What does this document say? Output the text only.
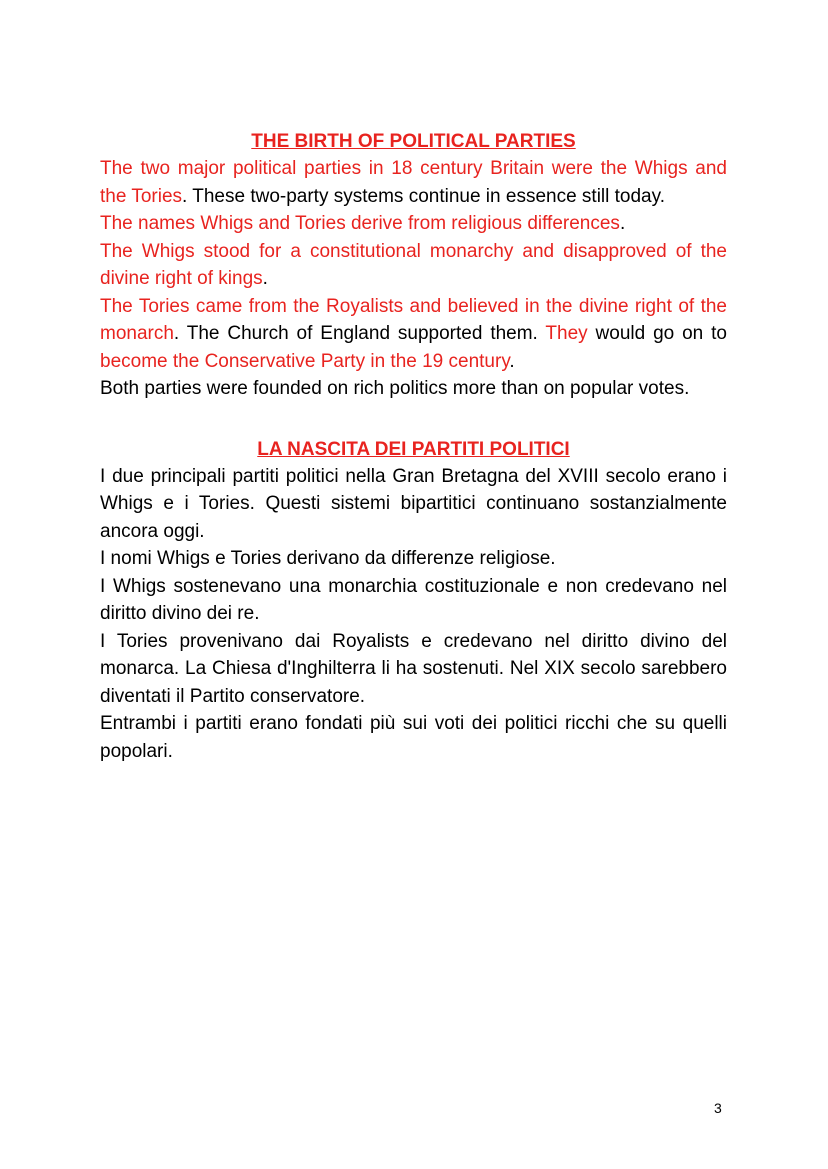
THE BIRTH OF POLITICAL PARTIES

The two major political parties in 18 century Britain were the Whigs and the Tories. These two-party systems continue in essence still today.

The names Whigs and Tories derive from religious differences.

The Whigs stood for a constitutional monarchy and disapproved of the divine right of kings.

The Tories came from the Royalists and believed in the divine right of the monarch. The Church of England supported them. They would go on to become the Conservative Party in the 19 century.

Both parties were founded on rich politics more than on popular votes.

LA NASCITA DEI PARTITI POLITICI

I due principali partiti politici nella Gran Bretagna del XVIII secolo erano i Whigs e i Tories. Questi sistemi bipartitici continuano sostanzialmente ancora oggi.

I nomi Whigs e Tories derivano da differenze religiose.

I Whigs sostenevano una monarchia costituzionale e non credevano nel diritto divino dei re.

I Tories provenivano dai Royalists e credevano nel diritto divino del monarca. La Chiesa d'Inghilterra li ha sostenuti. Nel XIX secolo sarebbero diventati il Partito conservatore.

Entrambi i partiti erano fondati più sui voti dei politici ricchi che su quelli popolari.

3
